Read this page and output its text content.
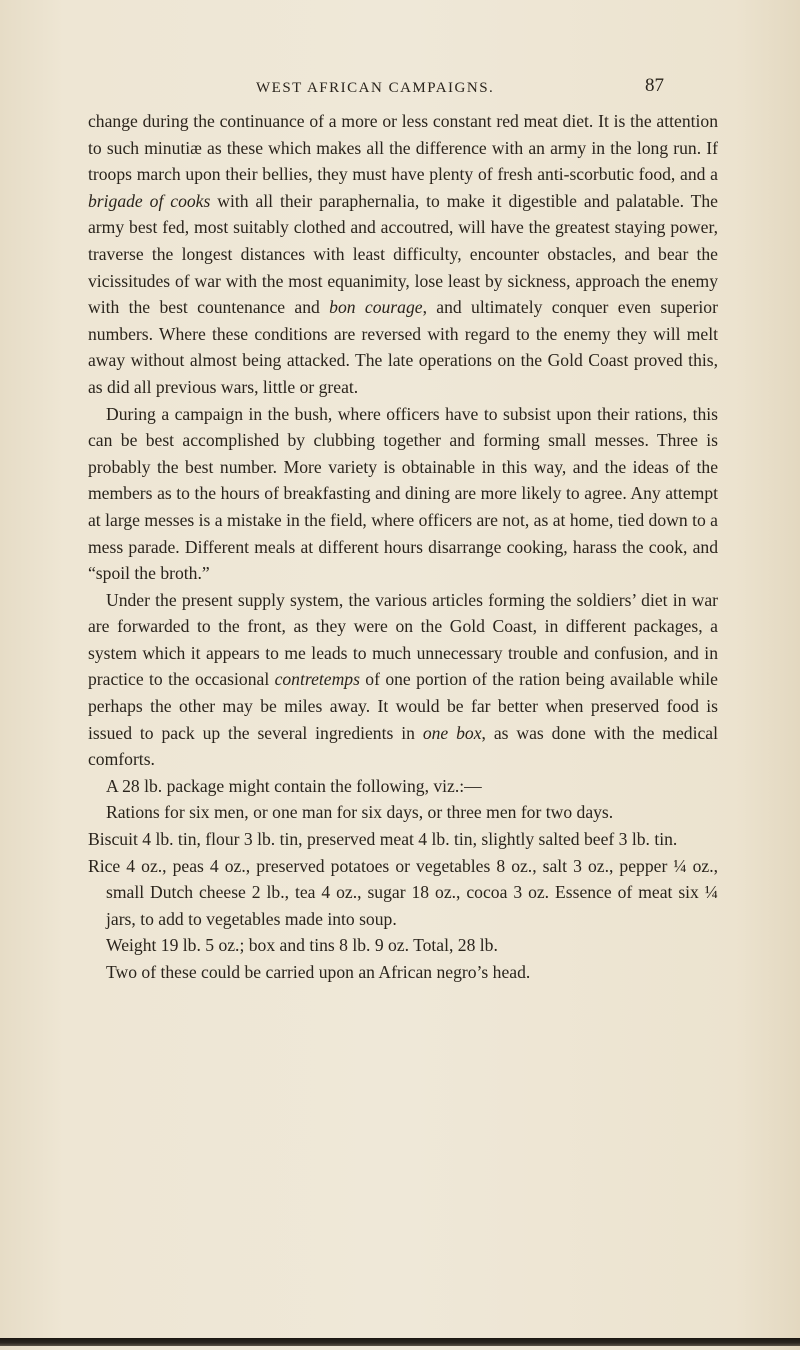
WEST AFRICAN CAMPAIGNS.	87

change during the continuance of a more or less constant red meat diet. It is the attention to such minutiæ as these which makes all the difference with an army in the long run. If troops march upon their bellies, they must have plenty of fresh anti-scorbutic food, and a brigade of cooks with all their paraphernalia, to make it digestible and palatable. The army best fed, most suitably clothed and accoutred, will have the greatest staying power, traverse the longest distances with least difficulty, encounter obstacles, and bear the vicissitudes of war with the most equanimity, lose least by sickness, approach the enemy with the best countenance and bon courage, and ultimately conquer even superior numbers. Where these conditions are reversed with regard to the enemy they will melt away without almost being attacked. The late operations on the Gold Coast proved this, as did all previous wars, little or great.

During a campaign in the bush, where officers have to subsist upon their rations, this can be best accomplished by clubbing together and forming small messes. Three is probably the best number. More variety is obtainable in this way, and the ideas of the members as to the hours of breakfasting and dining are more likely to agree. Any attempt at large messes is a mistake in the field, where officers are not, as at home, tied down to a mess parade. Different meals at different hours disarrange cooking, harass the cook, and “spoil the broth.”

Under the present supply system, the various articles forming the soldiers’ diet in war are forwarded to the front, as they were on the Gold Coast, in different packages, a system which it appears to me leads to much unnecessary trouble and confusion, and in practice to the occasional contretemps of one portion of the ration being available while perhaps the other may be miles away. It would be far better when preserved food is issued to pack up the several ingredients in one box, as was done with the medical comforts.

A 28 lb. package might contain the following, viz.:—

Rations for six men, or one man for six days, or three men for two days.

Biscuit 4 lb. tin, flour 3 lb. tin, preserved meat 4 lb. tin, slightly salted beef 3 lb. tin.

Rice 4 oz., peas 4 oz., preserved potatoes or vegetables 8 oz., salt 3 oz., pepper ¼ oz., small Dutch cheese 2 lb., tea 4 oz., sugar 18 oz., cocoa 3 oz. Essence of meat six ¼ jars, to add to vegetables made into soup.

Weight 19 lb. 5 oz.; box and tins 8 lb. 9 oz. Total, 28 lb.

Two of these could be carried upon an African negro’s head.
